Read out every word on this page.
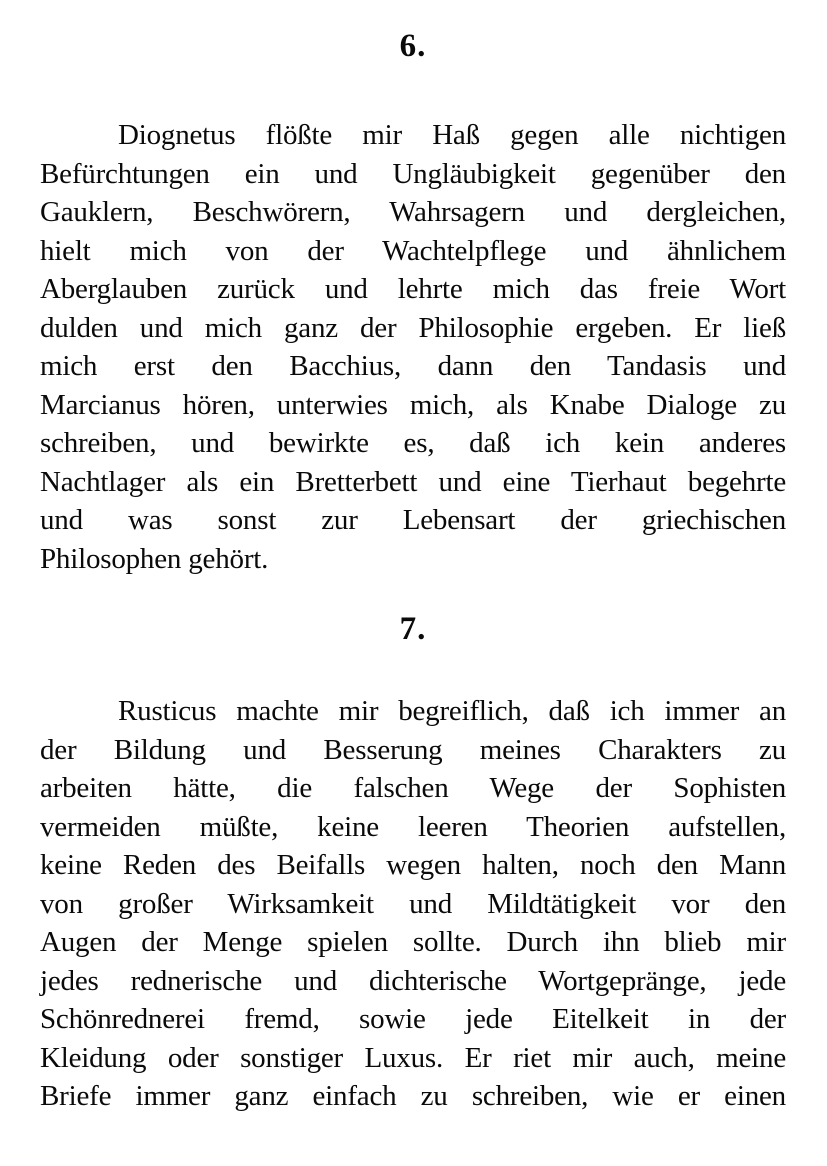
6.
Diognetus flößte mir Haß gegen alle nichtigen
Befürchtungen ein und Ungläubigkeit gegenüber den
Gauklern, Beschwörern, Wahrsagern und dergleichen,
hielt mich von der Wachtelpflege und ähnlichem
Aberglauben zurück und lehrte mich das freie Wort
dulden und mich ganz der Philosophie ergeben. Er ließ
mich erst den Bacchius, dann den Tandasis und
Marcianus hören, unterwies mich, als Knabe Dialoge zu
schreiben, und bewirkte es, daß ich kein anderes
Nachtlager als ein Bretterbett und eine Tierhaut begehrte
und was sonst zur Lebensart der griechischen
Philosophen gehört.
7.
Rusticus machte mir begreiflich, daß ich immer an
der Bildung und Besserung meines Charakters zu
arbeiten hätte, die falschen Wege der Sophisten
vermeiden müßte, keine leeren Theorien aufstellen,
keine Reden des Beifalls wegen halten, noch den Mann
von großer Wirksamkeit und Mildtätigkeit vor den
Augen der Menge spielen sollte. Durch ihn blieb mir
jedes rednerische und dichterische Wortgepränge, jede
Schönrednerei fremd, sowie jede Eitelkeit in der
Kleidung oder sonstiger Luxus. Er riet mir auch, meine
Briefe immer ganz einfach zu schreiben, wie er einen
